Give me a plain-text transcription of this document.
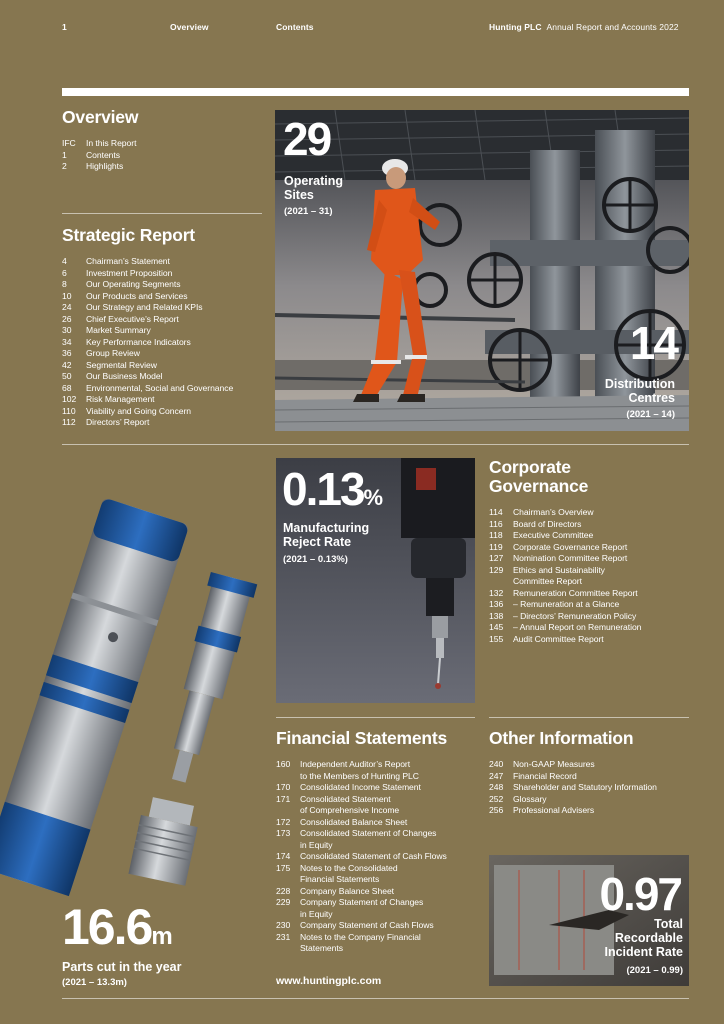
1	Overview	Contents	Hunting PLC Annual Report and Accounts 2022
Overview
IFC	In this Report
1	Contents
2	Highlights
Strategic Report
4	Chairman’s Statement
6	Investment Proposition
8	Our Operating Segments
10	Our Products and Services
24	Our Strategy and Related KPIs
26	Chief Executive’s Report
30	Market Summary
34	Key Performance Indicators
36	Group Review
42	Segmental Review
50	Our Business Model
68	Environmental, Social and Governance
102	Risk Management
110	Viability and Going Concern
112	Directors’ Report
29
Operating
Sites
(2021 – 31)
14
Distribution
Centres
(2021 – 14)
0.13%
Manufacturing
Reject Rate
(2021 – 0.13%)
Corporate
Governance
114	Chairman’s Overview
116	Board of Directors
118	Executive Committee
119	Corporate Governance Report
127	Nomination Committee Report
129	Ethics and Sustainability
Committee Report
132	Remuneration Committee Report
136	– Remuneration at a Glance
138	– Directors’ Remuneration Policy
145	– Annual Report on Remuneration
155	Audit Committee Report
Financial Statements
160	Independent Auditor’s Report
to the Members of Hunting PLC
170	Consolidated Income Statement
171	Consolidated Statement
of Comprehensive Income
172	Consolidated Balance Sheet
173	Consolidated Statement of Changes
in Equity
174	Consolidated Statement of Cash Flows
175	Notes to the Consolidated
Financial Statements
228	Company Balance Sheet
229	Company Statement of Changes
in Equity
230	Company Statement of Cash Flows
231	Notes to the Company Financial
Statements
Other Information
240	Non-GAAP Measures
247	Financial Record
248	Shareholder and Statutory Information
252	Glossary
256	Professional Advisers
0.97
Total
Recordable
Incident Rate
(2021 – 0.99)
16.6m
Parts cut in the year
(2021 – 13.3m)	www.huntingplc.com
